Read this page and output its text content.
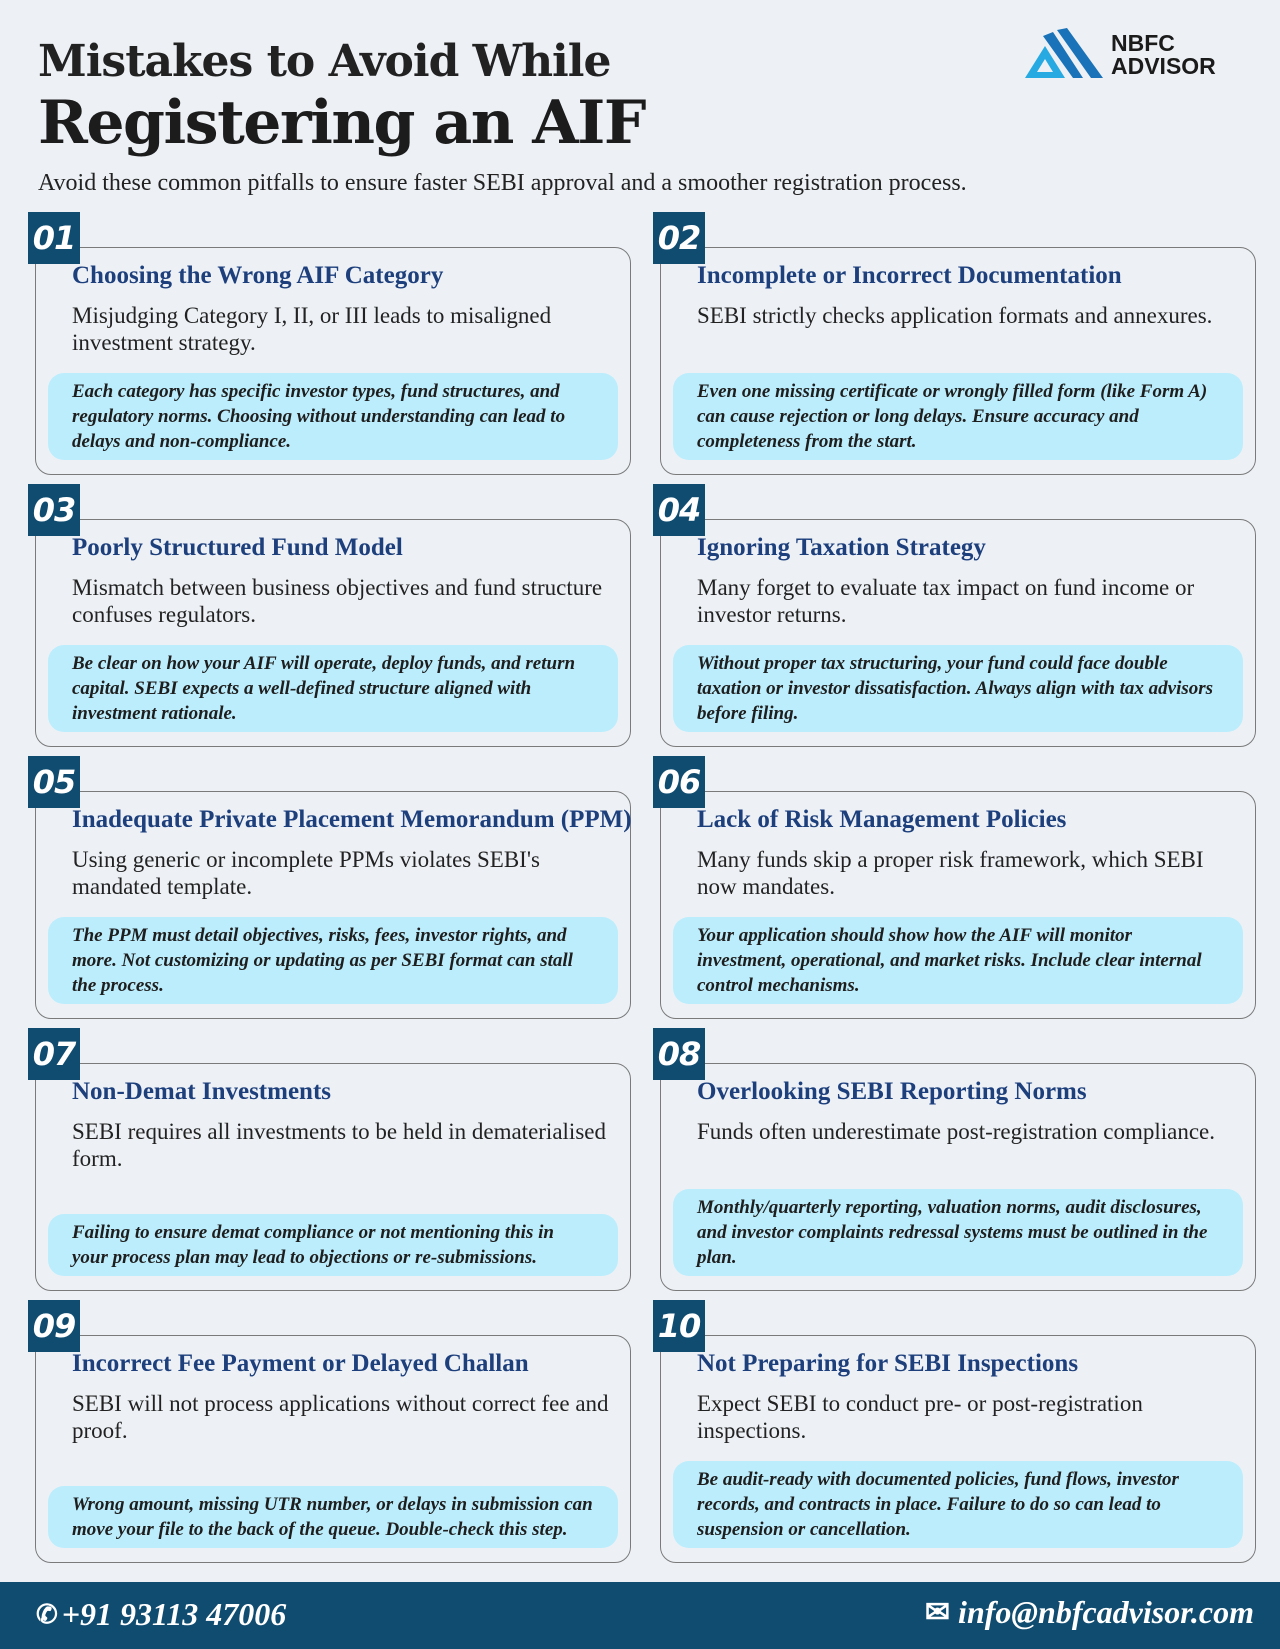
Mistakes to Avoid While
Registering an AIF
Avoid these common pitfalls to ensure faster SEBI approval and a smoother registration process.
NBFC
ADVISOR
01
Choosing the Wrong AIF Category
Misjudging Category I, II, or III leads to misaligned investment strategy.
Each category has specific investor types, fund structures, and regulatory norms. Choosing without understanding can lead to delays and non-compliance.
02
Incomplete or Incorrect Documentation
SEBI strictly checks application formats and annexures.
Even one missing certificate or wrongly filled form (like Form A) can cause rejection or long delays. Ensure accuracy and completeness from the start.
03
Poorly Structured Fund Model
Mismatch between business objectives and fund structure confuses regulators.
Be clear on how your AIF will operate, deploy funds, and return capital. SEBI expects a well-defined structure aligned with investment rationale.
04
Ignoring Taxation Strategy
Many forget to evaluate tax impact on fund income or investor returns.
Without proper tax structuring, your fund could face double taxation or investor dissatisfaction. Always align with tax advisors before filing.
05
Inadequate Private Placement Memorandum (PPM)
Using generic or incomplete PPMs violates SEBI's mandated template.
The PPM must detail objectives, risks, fees, investor rights, and more. Not customizing or updating as per SEBI format can stall the process.
06
Lack of Risk Management Policies
Many funds skip a proper risk framework, which SEBI now mandates.
Your application should show how the AIF will monitor investment, operational, and market risks. Include clear internal control mechanisms.
07
Non-Demat Investments
SEBI requires all investments to be held in dematerialised form.
Failing to ensure demat compliance or not mentioning this in your process plan may lead to objections or re-submissions.
08
Overlooking SEBI Reporting Norms
Funds often underestimate post-registration compliance.
Monthly/quarterly reporting, valuation norms, audit disclosures, and investor complaints redressal systems must be outlined in the plan.
09
Incorrect Fee Payment or Delayed Challan
SEBI will not process applications without correct fee and proof.
Wrong amount, missing UTR number, or delays in submission can move your file to the back of the queue. Double-check this step.
10
Not Preparing for SEBI Inspections
Expect SEBI to conduct pre- or post-registration inspections.
Be audit-ready with documented policies, fund flows, investor records, and contracts in place. Failure to do so can lead to suspension or cancellation.
✆ +91 93113 47006	✉ info@nbfcadvisor.com
